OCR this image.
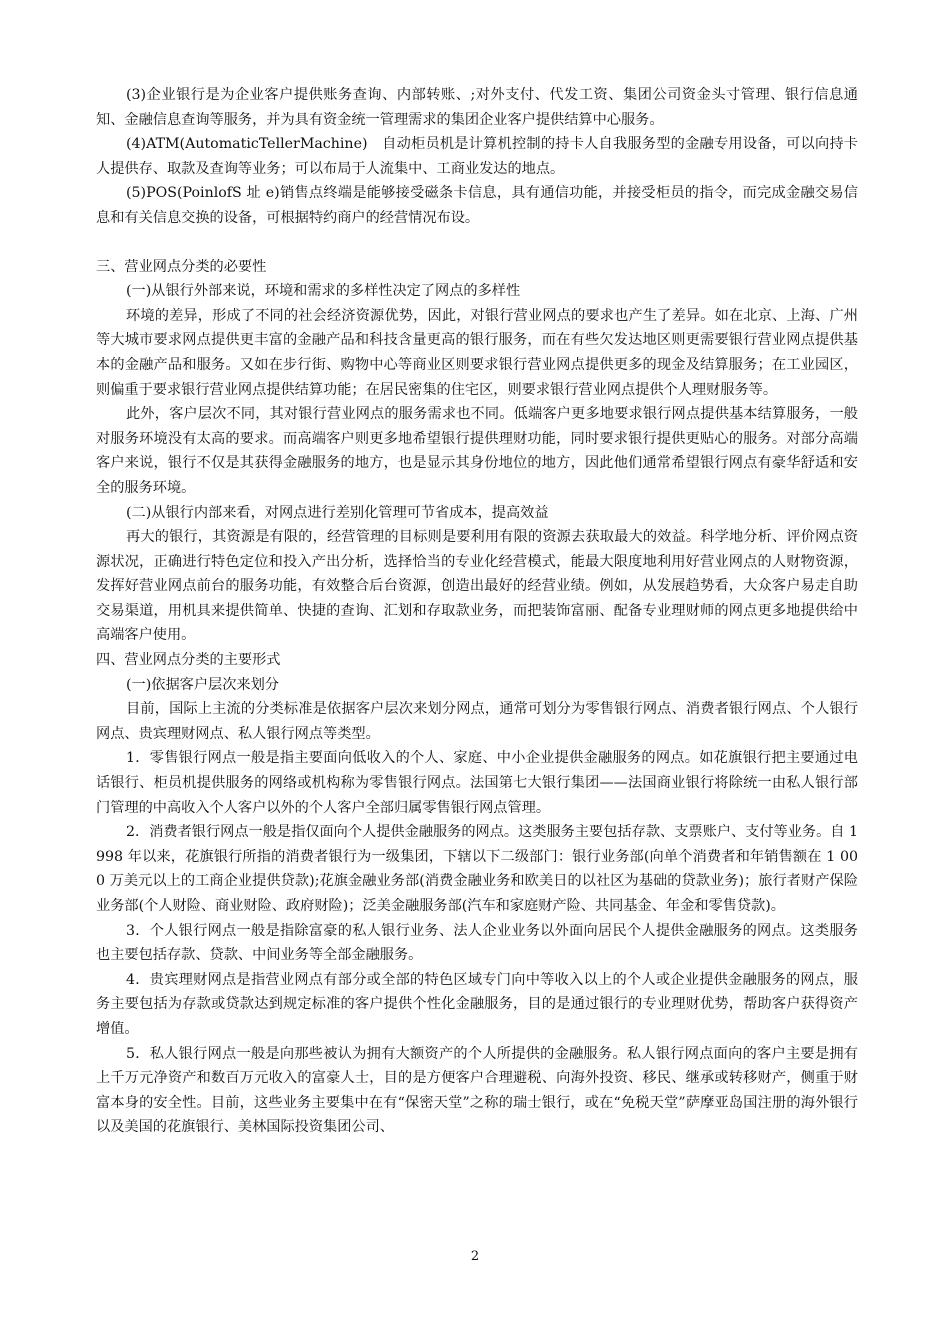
(3)企业银行是为企业客户提供账务查询、内部转账、;对外支付、代发工资、集团公司资金头寸管理、银行信息通知、金融信息查询等服务，并为具有资金统一管理需求的集团企业客户提供结算中心服务。

(4)ATM(AutomaticTellerMachine)　自动柜员机是计算机控制的持卡人自我服务型的金融专用设备，可以向持卡人提供存、取款及查询等业务；可以布局于人流集中、工商业发达的地点。

(5)POS(PoinlofS 址 e)销售点终端是能够接受磁条卡信息，具有通信功能，并接受柜员的指令，而完成金融交易信息和有关信息交换的设备，可根据特约商户的经营情况布设。

三、营业网点分类的必要性

(一)从银行外部来说，环境和需求的多样性决定了网点的多样性

环境的差异，形成了不同的社会经济资源优势，因此，对银行营业网点的要求也产生了差异。如在北京、上海、广州等大城市要求网点提供更丰富的金融产品和科技含量更高的银行服务，而在有些欠发达地区则更需要银行营业网点提供基本的金融产品和服务。又如在步行街、购物中心等商业区则要求银行营业网点提供更多的现金及结算服务；在工业园区，则偏重于要求银行营业网点提供结算功能；在居民密集的住宅区，则要求银行营业网点提供个人理财服务等。

此外，客户层次不同，其对银行营业网点的服务需求也不同。低端客户更多地要求银行网点提供基本结算服务，一般对服务环境没有太高的要求。而高端客户则更多地希望银行提供理财功能，同时要求银行提供更贴心的服务。对部分高端客户来说，银行不仅是其获得金融服务的地方，也是显示其身份地位的地方，因此他们通常希望银行网点有豪华舒适和安全的服务环境。

(二)从银行内部来看，对网点进行差别化管理可节省成本，提高效益

再大的银行，其资源是有限的，经营管理的目标则是要利用有限的资源去获取最大的效益。科学地分析、评价网点资源状况，正确进行特色定位和投入产出分析，选择恰当的专业化经营模式，能最大限度地利用好营业网点的人财物资源，发挥好营业网点前台的服务功能，有效整合后台资源，创造出最好的经营业绩。例如，从发展趋势看，大众客户易走自助交易渠道，用机具来提供简单、快捷的查询、汇划和存取款业务，而把装饰富丽、配备专业理财师的网点更多地提供给中高端客户使用。

四、营业网点分类的主要形式

(一)依据客户层次来划分

目前，国际上主流的分类标准是依据客户层次来划分网点，通常可划分为零售银行网点、消费者银行网点、个人银行网点、贵宾理财网点、私人银行网点等类型。

1．零售银行网点一般是指主要面向低收入的个人、家庭、中小企业提供金融服务的网点。如花旗银行把主要通过电话银行、柜员机提供服务的网络或机构称为零售银行网点。法国第七大银行集团——法国商业银行将除统一由私人银行部门管理的中高收入个人客户以外的个人客户全部归属零售银行网点管理。

2．消费者银行网点一般是指仅面向个人提供金融服务的网点。这类服务主要包括存款、支票账户、支付等业务。自 1998 年以来，花旗银行所指的消费者银行为一级集团，下辖以下二级部门：银行业务部(向单个消费者和年销售额在 1 000 万美元以上的工商企业提供贷款);花旗金融业务部(消费金融业务和欧美日的以社区为基础的贷款业务)；旅行者财产保险业务部(个人财险、商业财险、政府财险)；泛美金融服务部(汽车和家庭财产险、共同基金、年金和零售贷款)。

3．个人银行网点一般是指除富豪的私人银行业务、法人企业业务以外面向居民个人提供金融服务的网点。这类服务也主要包括存款、贷款、中间业务等全部金融服务。

4．贵宾理财网点是指营业网点有部分或全部的特色区域专门向中等收入以上的个人或企业提供金融服务的网点，服务主要包括为存款或贷款达到规定标准的客户提供个性化金融服务，目的是通过银行的专业理财优势，帮助客户获得资产增值。

5．私人银行网点一般是向那些被认为拥有大额资产的个人所提供的金融服务。私人银行网点面向的客户主要是拥有上千万元净资产和数百万元收入的富豪人士，目的是方便客户合理避税、向海外投资、移民、继承或转移财产，侧重于财富本身的安全性。目前，这些业务主要集中在有“保密天堂”之称的瑞士银行，或在“免税天堂”萨摩亚岛国注册的海外银行以及美国的花旗银行、美林国际投资集团公司、

2
